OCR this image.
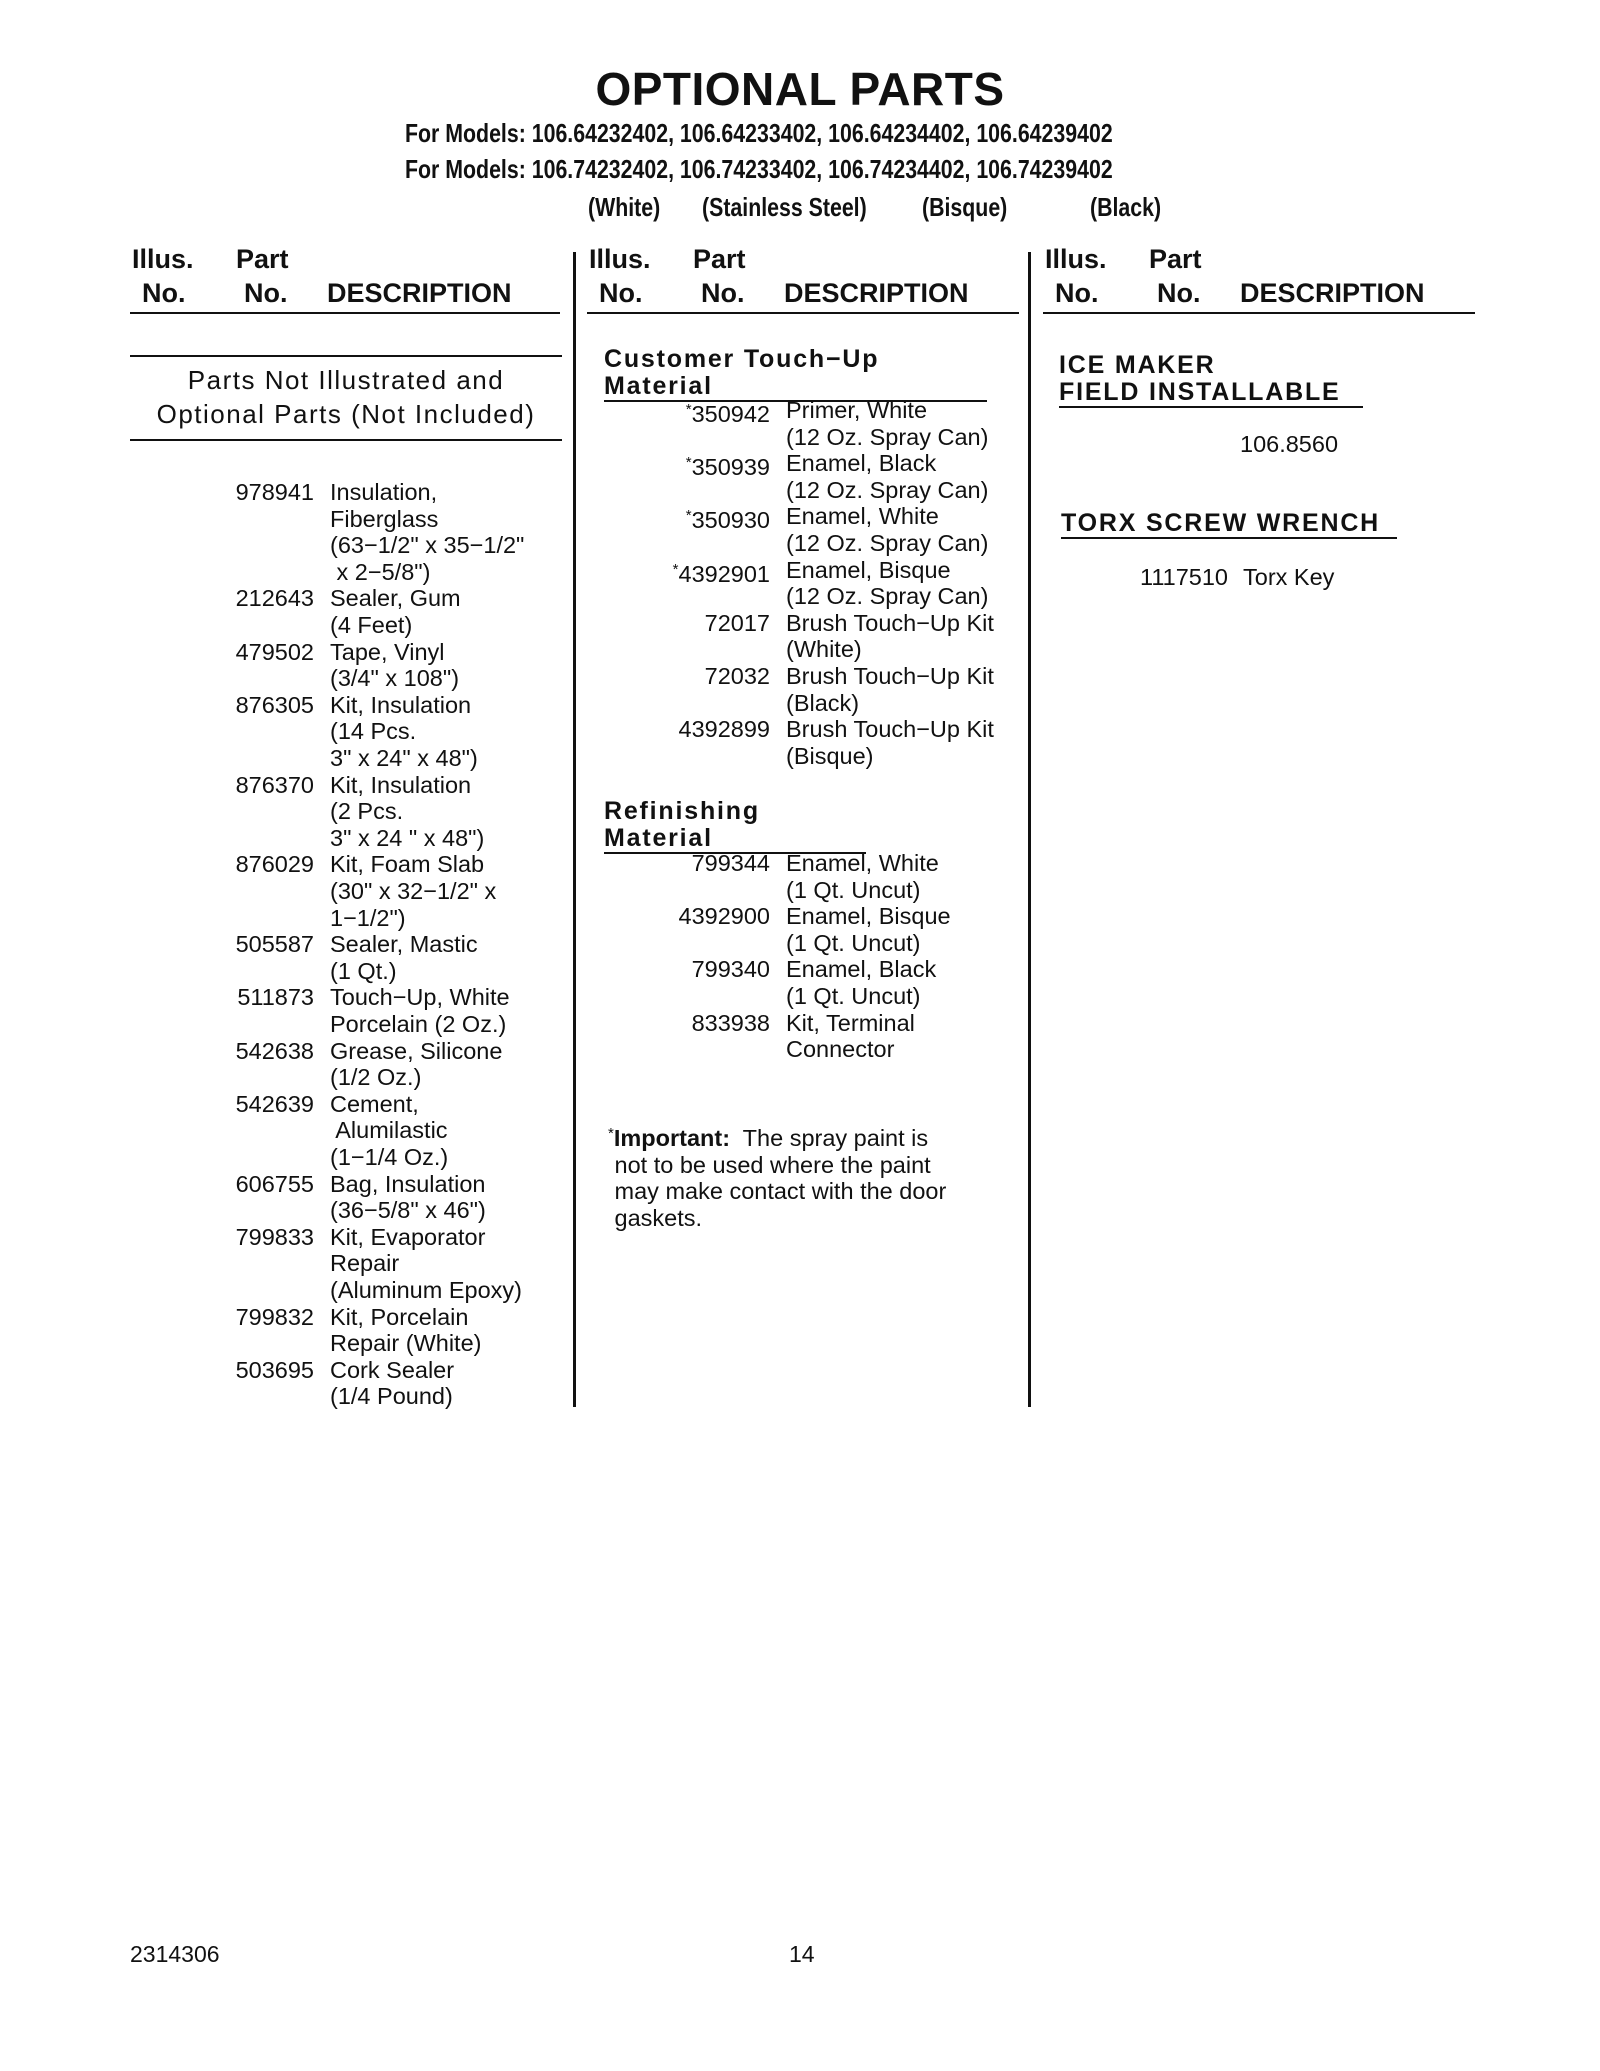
OPTIONAL PARTS
For Models: 106.64232402, 106.64233402, 106.64234402, 106.64239402
For Models: 106.74232402, 106.74233402, 106.74234402, 106.74239402
(White) (Stainless Steel) (Bisque)	(Black)
Illus.
No.
Part
No. DESCRIPTION
Illus.
No.
Part
No. DESCRIPTION
Illus.
No.
Part
No. DESCRIPTION
Parts Not Illustrated and
Optional Parts (Not Included)
978941 Insulation,
Fiberglass
(63−1/2" x 35−1/2"
x 2−5/8")
212643 Sealer, Gum
(4 Feet)
479502 Tape, Vinyl
(3/4" x 108")
876305 Kit, Insulation
(14 Pcs.
3" x 24" x 48")
876370 Kit, Insulation
(2 Pcs.
3" x 24 " x 48")
876029 Kit, Foam Slab
(30" x 32−1/2" x
1−1/2")
505587 Sealer, Mastic
(1 Qt.)
511873 Touch−Up, White
Porcelain (2 Oz.)
542638 Grease, Silicone
(1/2 Oz.)
542639 Cement,
Alumilastic
(1−1/4 Oz.)
606755 Bag, Insulation
(36−5/8" x 46")
799833 Kit, Evaporator
Repair
(Aluminum Epoxy)
799832 Kit, Porcelain
Repair (White)
503695 Cork Sealer
(1/4 Pound)
Customer Touch−Up Material
*350942 Primer, White
(12 Oz. Spray Can)
*350939 Enamel, Black
(12 Oz. Spray Can)
*350930 Enamel, White
(12 Oz. Spray Can)
*4392901 Enamel, Bisque
(12 Oz. Spray Can)
72017 Brush Touch−Up Kit
(White)
72032 Brush Touch−Up Kit
(Black)
4392899 Brush Touch−Up Kit
(Bisque)
Refinishing Material
799344 Enamel, White
(1 Qt. Uncut)
4392900 Enamel, Bisque
(1 Qt. Uncut)
799340 Enamel, Black
(1 Qt. Uncut)
833938 Kit, Terminal
Connector
*Important:  The spray paint is
not to be used where the paint
may make contact with the door
gaskets.
ICE MAKER
FIELD INSTALLABLE
106.8560
TORX SCREW WRENCH
1117510 Torx Key
2314306	14
